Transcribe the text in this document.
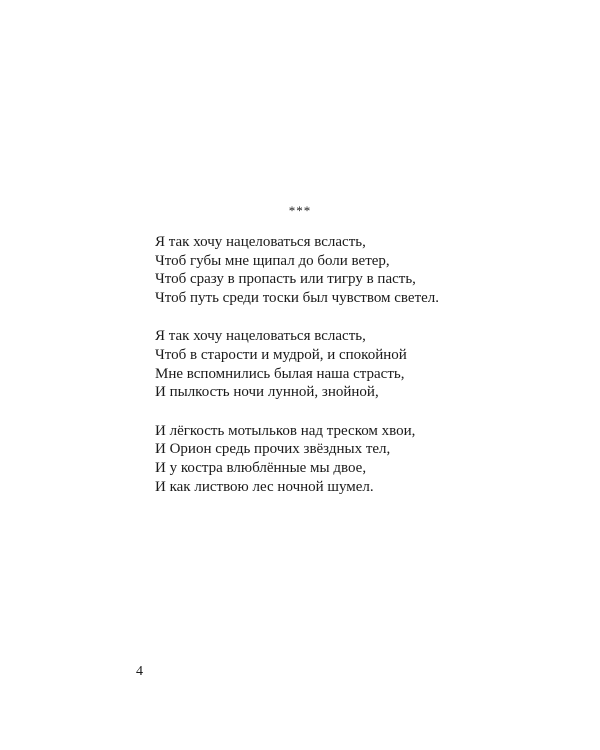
***
Я так хочу нацеловаться всласть,
Чтоб губы мне щипал до боли ветер,
Чтоб сразу в пропасть или тигру в пасть,
Чтоб путь среди тоски был чувством светел.
Я так хочу нацеловаться всласть,
Чтоб в старости и мудрой, и спокойной
Мне вспомнились былая наша страсть,
И пылкость ночи лунной, знойной,
И лёгкость мотыльков над треском хвои,
И Орион средь прочих звёздных тел,
И у костра влюблённые мы двое,
И как листвою лес ночной шумел.
4
